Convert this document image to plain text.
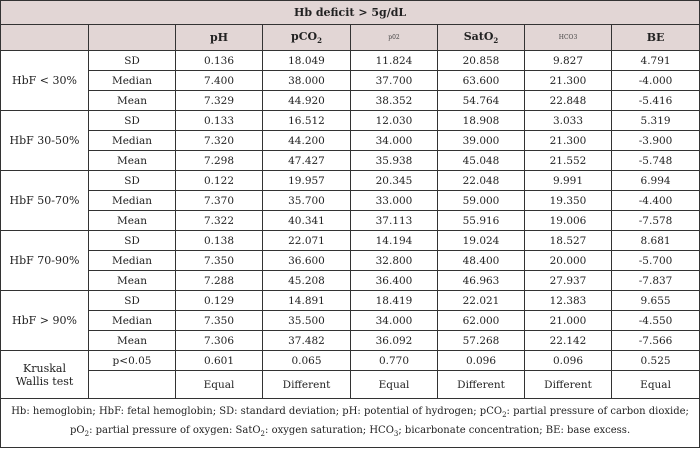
Hb deficit > 5g/dL							
		pH	pCO$_2$	p02	SatO$_2$	HCO3	BE
HbF < 30%	SD	0.136	18.049	11.824	20.858	9.827	4.791
	Median	7.400	38.000	37.700	63.600	21.300	-4.000
	Mean	7.329	44.920	38.352	54.764	22.848	-5.416
HbF 30-50%	SD	0.133	16.512	12.030	18.908	3.033	5.319
	Median	7.320	44.200	34.000	39.000	21.300	-3.900
	Mean	7.298	47.427	35.938	45.048	21.552	-5.748
HbF 50-70%	SD	0.122	19.957	20.345	22.048	9.991	6.994
	Median	7.370	35.700	33.000	59.000	19.350	-4.400
	Mean	7.322	40.341	37.113	55.916	19.006	-7.578
HbF 70-90%	SD	0.138	22.071	14.194	19.024	18.527	8.681
	Median	7.350	36.600	32.800	48.400	20.000	-5.700
	Mean	7.288	45.208	36.400	46.963	27.937	-7.837
HbF > 90%	SD	0.129	14.891	18.419	22.021	12.383	9.655
	Median	7.350	35.500	34.000	62.000	21.000	-4.550
	Mean	7.306	37.482	36.092	57.268	22.142	-7.566
Kruskal Wallis test	p<0.05	0.601	0.065	0.770	0.096	0.096	0.525
		Equal	Different	Equal	Different	Different	Equal
Hb: hemoglobin; HbF: fetal hemoglobin; SD: standard deviation; pH: potential of hydrogen; pCO$_2$: partial pressure of carbon dioxide; $pO_2$: partial pressure of oxygen: SatO$_2$: oxygen saturation; $HCO_3$; bicarbonate concentration; BE: base excess.							
